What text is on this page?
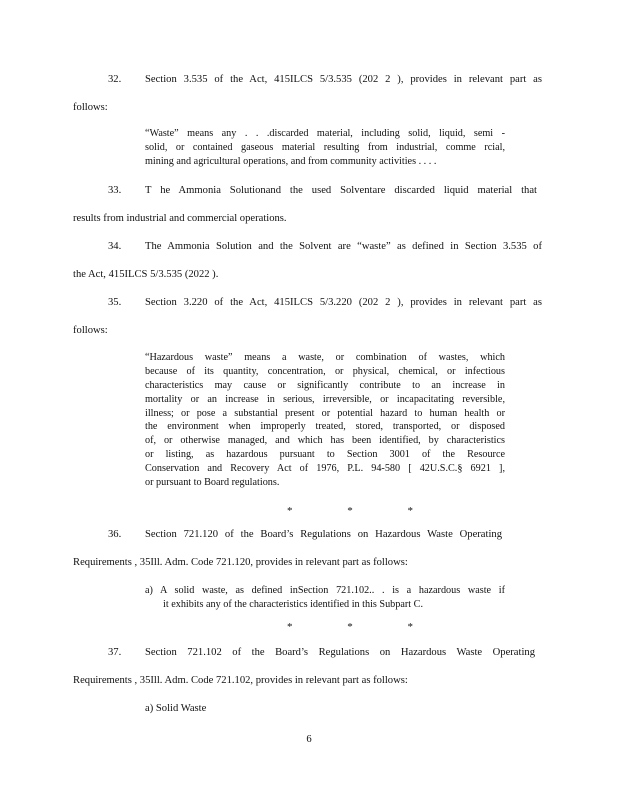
32. Section 3.535 of the Act, 415ILCS 5/3.535 (202 2 ), provides in relevant part as
follows:
“Waste” means any . . .discarded material, including solid, liquid, semi -
solid, or contained gaseous material resulting from industrial, comme rcial,
mining and agricultural operations, and from community activities . . . .
33. T he Ammonia Solutionand the used Solventare discarded liquid material that
results from industrial and commercial operations.
34. The Ammonia Solution and the Solvent are “waste” as defined in Section 3.535 of
the Act, 415ILCS 5/3.535 (2022 ).
35. Section 3.220 of the Act, 415ILCS 5/3.220 (202 2 ), provides in relevant part as
follows:
“Hazardous waste” means a waste, or combination of wastes, which
because of its quantity, concentration, or physical, chemical, or infectious
characteristics may cause or significantly contribute to an increase in
mortality or an increase in serious, irreversible, or incapacitating reversible,
illness; or pose a substantial present or potential hazard to human health or
the environment when improperly treated, stored, transported, or disposed
of, or otherwise managed, and which has been identified, by characteristics
or listing, as hazardous pursuant to Section 3001 of the Resource
Conservation and Recovery Act of 1976, P.L. 94-580 [ 42U.S.C.§ 6921 ],
or pursuant to Board regulations.
* * *
36. Section 721.120 of the Board’s Regulations on Hazardous Waste Operating
Requirements , 35Ill. Adm. Code 721.120, provides in relevant part as follows:
a) A solid waste, as defined inSection 721.102.. . is a hazardous waste if
it exhibits any of the characteristics identified in this Subpart C.
* * *
37. Section 721.102 of the Board’s Regulations on Hazardous Waste Operating
Requirements , 35Ill. Adm. Code 721.102, provides in relevant part as follows:
a) Solid Waste
6
